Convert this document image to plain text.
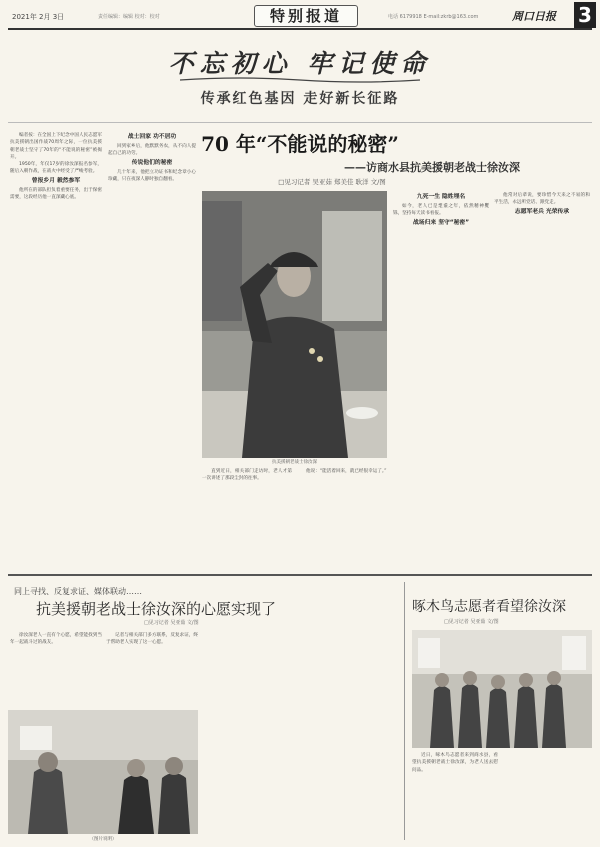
2021年 2月 3日	责任编辑：编辑 校对：校对	特别报道	电话 6179918 E-mail:zkrb@163.com	周口日报 3
不忘初心 牢记使命
传承红色基因 走好新长征路
70 年“不能说的秘密”
——访商水县抗美援朝老战士徐汝深
□见习记者 吴亚茹 郑美佳 耿洋 文/图

编者按：在全国上下纪念中国人民志愿军抗美援朝出国作战70周年之际，一位抗美援朝老战士坚守了70年的“不能说的秘密”被揭开。

1950年，年仅17岁的徐汝深报名参军，随后入朝作战，在战火中经受了严峻考验。

曾报乡月 毅然参军

他所在的部队担负着重要任务，出于保密需要，这段经历他一直深藏心底。

战士回家 功不居功

回到家乡后，他默默务农，从不向人提起自己的功劳。

传说他们的秘密

几十年来，他把立功证书和纪念章小心珍藏，只在夜深人静时独自翻看。

抗美援朝老战士徐汝深

直到近日，相关部门走访时，老人才第一次讲述了那段尘封的往事。

他说：“能活着回来，就已经很幸运了。”

九死一生 隐姓埋名

如今，老人已是耄耋之年，依然精神矍铄，坚持每天读书看报。

战场归来 坚守“秘密”

他常对后辈说，要珍惜今天来之不易的和平生活，永远听党话、跟党走。

志愿军老兵 光荣传承

同上寻找、反复求证、媒体联动……
抗美援朝老战士徐汝深的心愿实现了
□见习记者 吴亚茹 文/图

徐汝深老人一直有个心愿，希望能找到当年一起战斗过的战友。

记者与相关部门多方联系，反复求证，终于帮助老人实现了这一心愿。

（图片说明）
啄木鸟志愿者看望徐汝深
□见习记者 吴亚茹 文/图

近日，啄木鸟志愿者来到商水县，看望抗美援朝老战士徐汝深，为老人送去慰问品。
